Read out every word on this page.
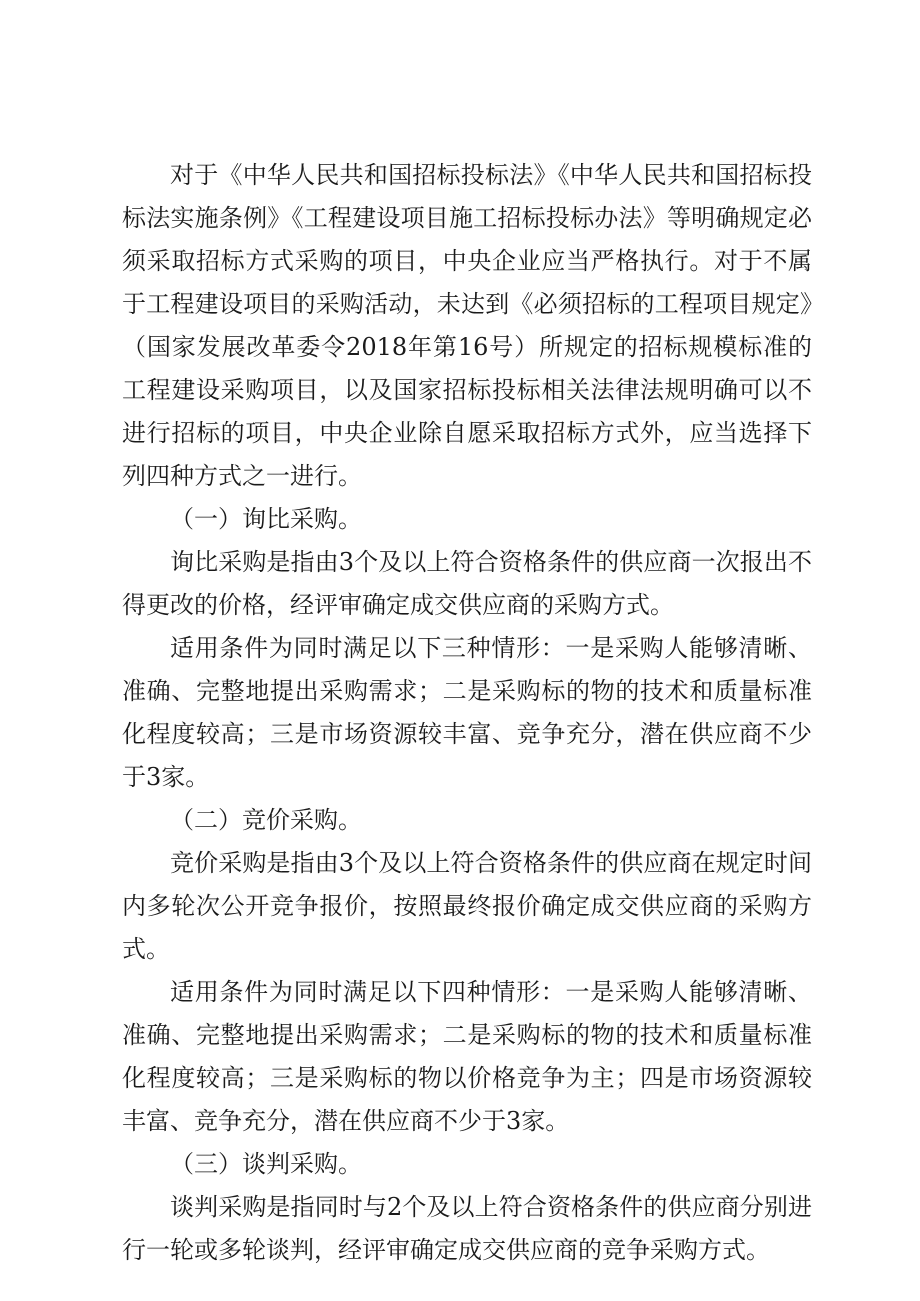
对于《中华人民共和国招标投标法》《中华人民共和国招标投标法实施条例》《工程建设项目施工招标投标办法》等明确规定必须采取招标方式采购的项目，中央企业应当严格执行。对于不属于工程建设项目的采购活动，未达到《必须招标的工程项目规定》（国家发展改革委令2018年第16号）所规定的招标规模标准的工程建设采购项目，以及国家招标投标相关法律法规明确可以不进行招标的项目，中央企业除自愿采取招标方式外，应当选择下列四种方式之一进行。

（一）询比采购。

询比采购是指由3个及以上符合资格条件的供应商一次报出不得更改的价格，经评审确定成交供应商的采购方式。

适用条件为同时满足以下三种情形：一是采购人能够清晰、准确、完整地提出采购需求；二是采购标的物的技术和质量标准化程度较高；三是市场资源较丰富、竞争充分，潜在供应商不少于3家。

（二）竞价采购。

竞价采购是指由3个及以上符合资格条件的供应商在规定时间内多轮次公开竞争报价，按照最终报价确定成交供应商的采购方式。

适用条件为同时满足以下四种情形：一是采购人能够清晰、准确、完整地提出采购需求；二是采购标的物的技术和质量标准化程度较高；三是采购标的物以价格竞争为主；四是市场资源较丰富、竞争充分，潜在供应商不少于3家。

（三）谈判采购。

谈判采购是指同时与2个及以上符合资格条件的供应商分别进行一轮或多轮谈判，经评审确定成交供应商的竞争采购方式。
